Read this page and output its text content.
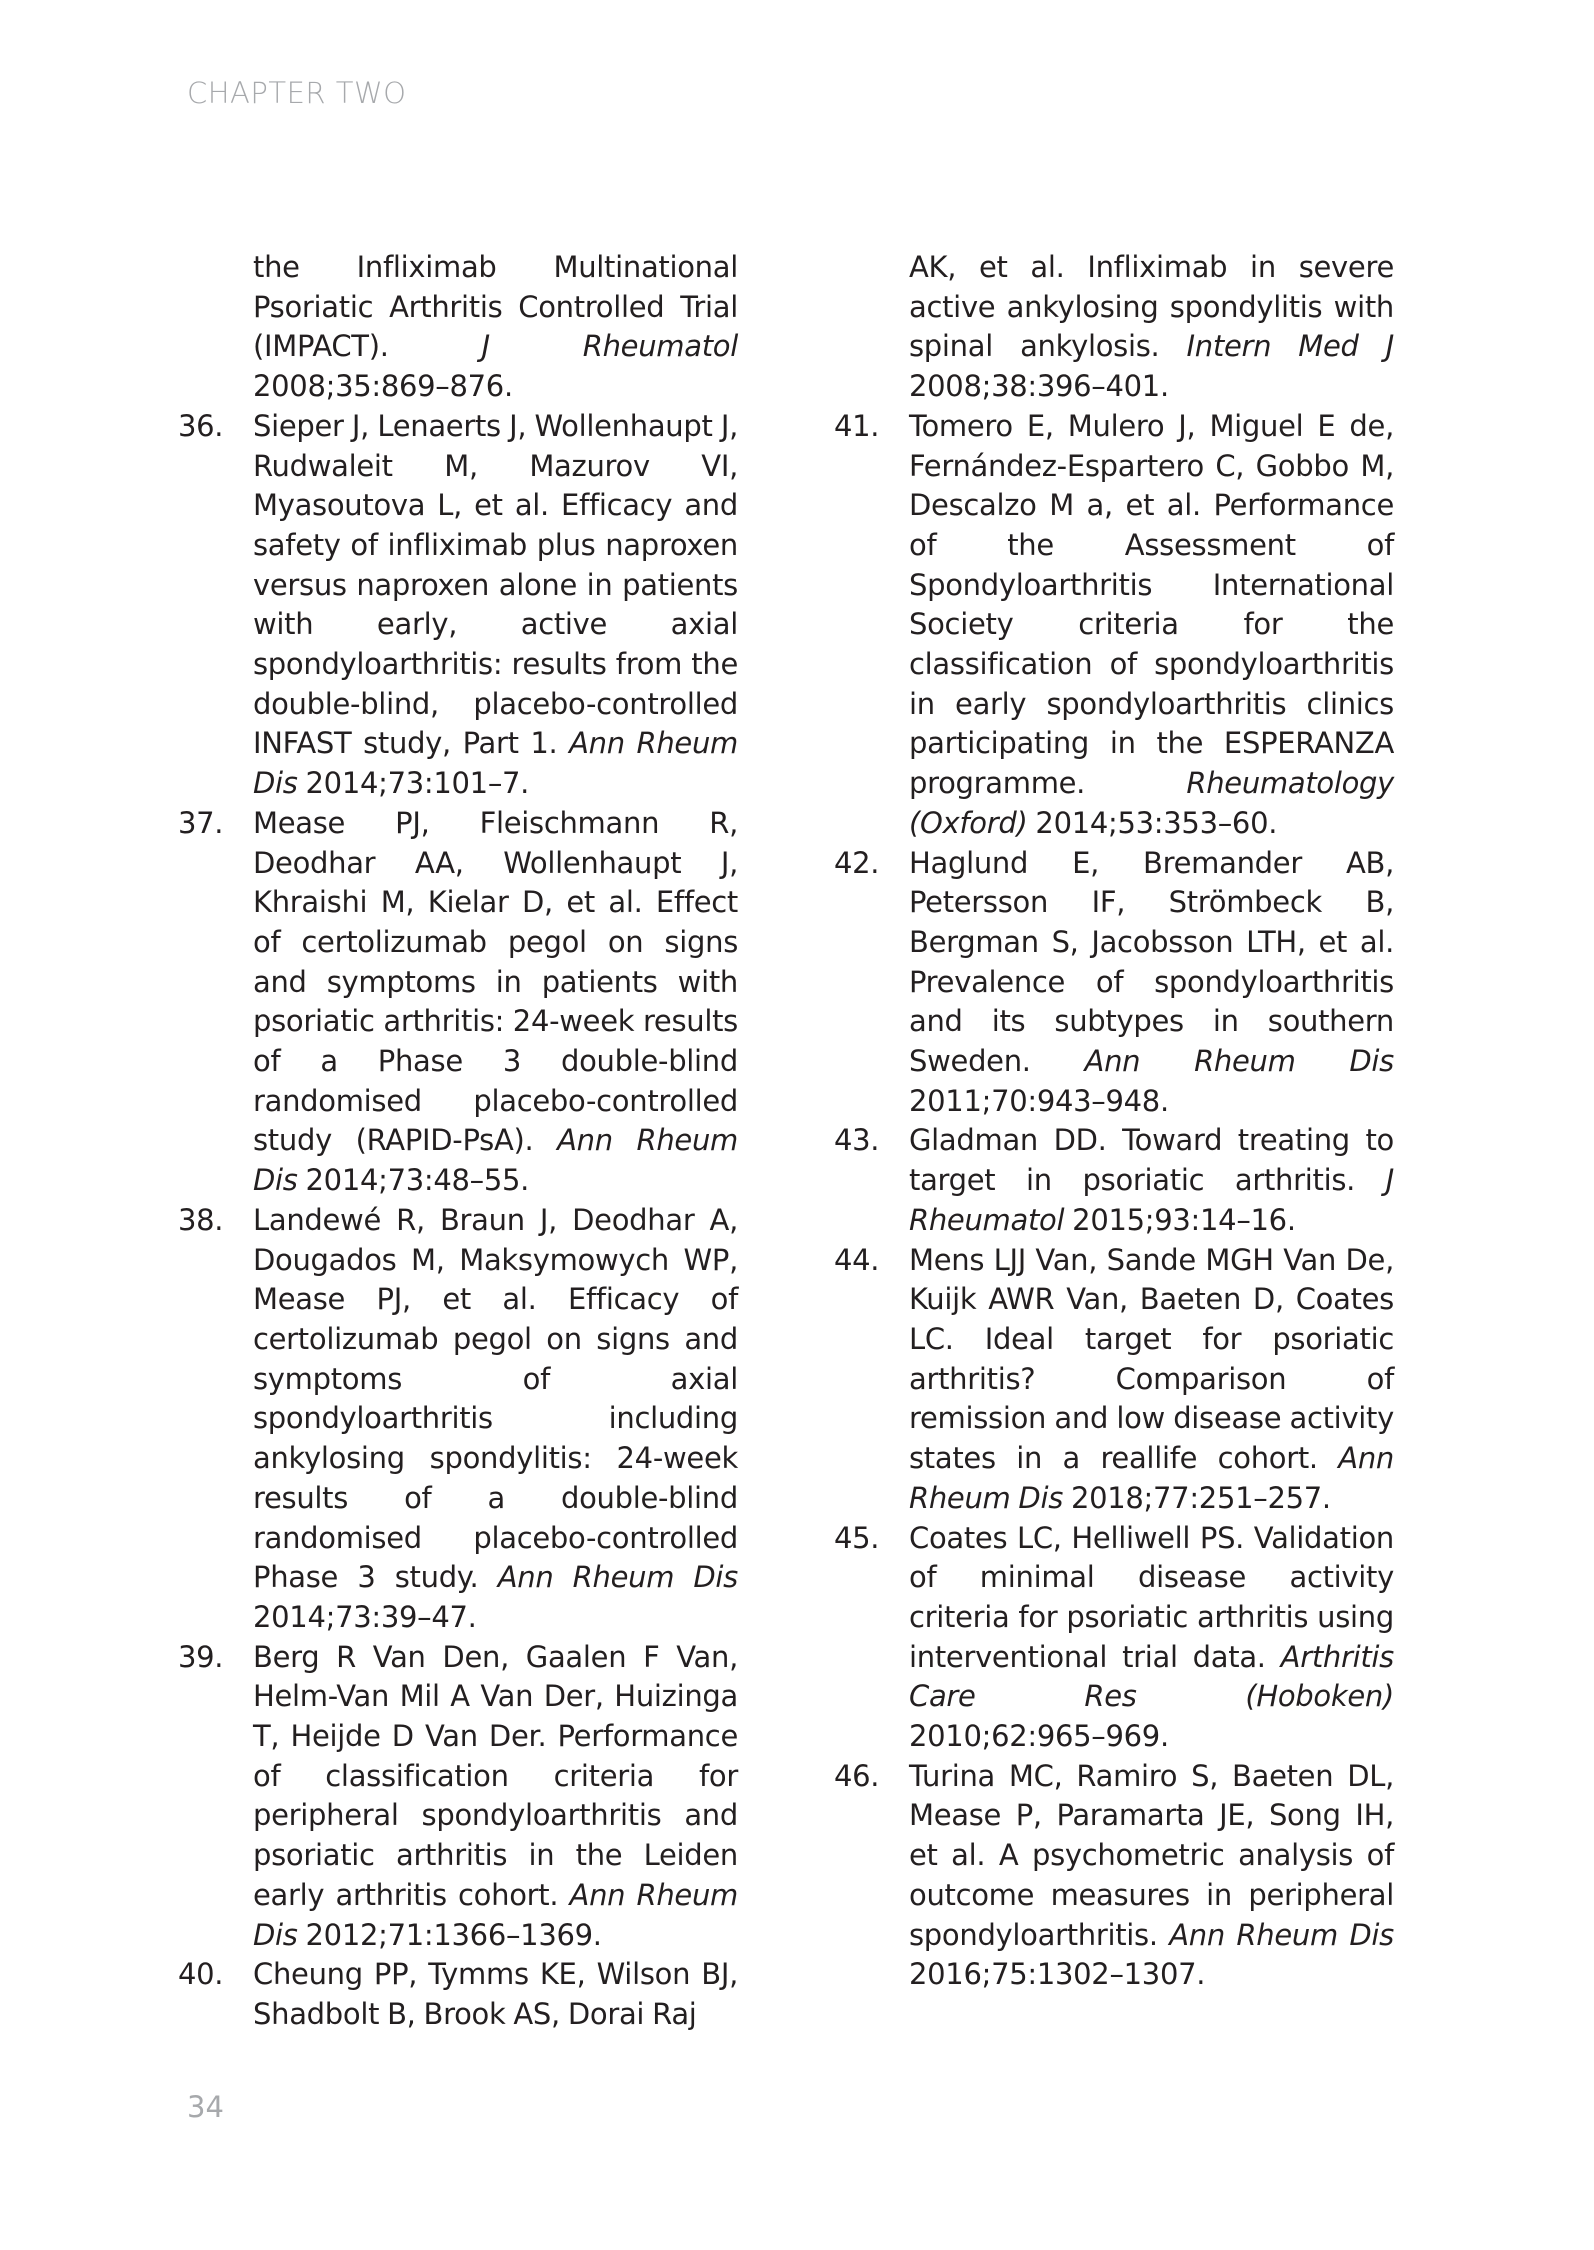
CHAPTER TWO
the Infliximab Multinational Psoriatic Arthritis Controlled Trial (IMPACT). J Rheumatol 2008;35:869–876.
36.	Sieper J, Lenaerts J, Wollenhaupt J, Rudwaleit M, Mazurov VI, Myasoutova L, et al. Efficacy and safety of infliximab plus naproxen versus naproxen alone in patients with early, active axial spondyloarthritis: results from the double-blind, placebo-controlled INFAST study, Part 1. Ann Rheum Dis 2014;73:101–7.
37.	Mease PJ, Fleischmann R, Deodhar AA, Wollenhaupt J, Khraishi M, Kielar D, et al. Effect of certolizumab pegol on signs and symptoms in patients with psoriatic arthritis: 24-week results of a Phase 3 double-blind randomised placebo-controlled study (RAPID-PsA). Ann Rheum Dis 2014;73:48–55.
38.	Landewé R, Braun J, Deodhar A, Dougados M, Maksymowych WP, Mease PJ, et al. Efficacy of certolizumab pegol on signs and symptoms of axial spondyloarthritis including ankylosing spondylitis: 24-week results of a double-blind randomised placebo-controlled Phase 3 study. Ann Rheum Dis 2014;73:39–47.
39.	Berg R Van Den, Gaalen F Van, Helm-Van Mil A Van Der, Huizinga T, Heijde D Van Der. Performance of classification criteria for peripheral spondyloarthritis and psoriatic arthritis in the Leiden early arthritis cohort. Ann Rheum Dis 2012;71:1366–1369.
40.	Cheung PP, Tymms KE, Wilson BJ, Shadbolt B, Brook AS, Dorai Raj
AK, et al. Infliximab in severe active ankylosing spondylitis with spinal ankylosis. Intern Med J 2008;38:396–401.
41.	Tomero E, Mulero J, Miguel E de, Fernández-Espartero C, Gobbo M, Descalzo M a, et al. Performance of the Assessment of Spondyloarthritis International Society criteria for the classification of spondyloarthritis in early spondyloarthritis clinics participating in the ESPERANZA programme. Rheumatology (Oxford) 2014;53:353–60.
42.	Haglund E, Bremander AB, Petersson IF, Strömbeck B, Bergman S, Jacobsson LTH, et al. Prevalence of spondyloarthritis and its subtypes in southern Sweden. Ann Rheum Dis 2011;70:943–948.
43.	Gladman DD. Toward treating to target in psoriatic arthritis. J Rheumatol 2015;93:14–16.
44.	Mens LJJ Van, Sande MGH Van De, Kuijk AWR Van, Baeten D, Coates LC. Ideal target for psoriatic arthritis? Comparison of remission and low disease activity states in a reallife cohort. Ann Rheum Dis 2018;77:251–257.
45.	Coates LC, Helliwell PS. Validation of minimal disease activity criteria for psoriatic arthritis using interventional trial data. Arthritis Care Res (Hoboken) 2010;62:965–969.
46.	Turina MC, Ramiro S, Baeten DL, Mease P, Paramarta JE, Song IH, et al. A psychometric analysis of outcome measures in peripheral spondyloarthritis. Ann Rheum Dis 2016;75:1302–1307.
34
